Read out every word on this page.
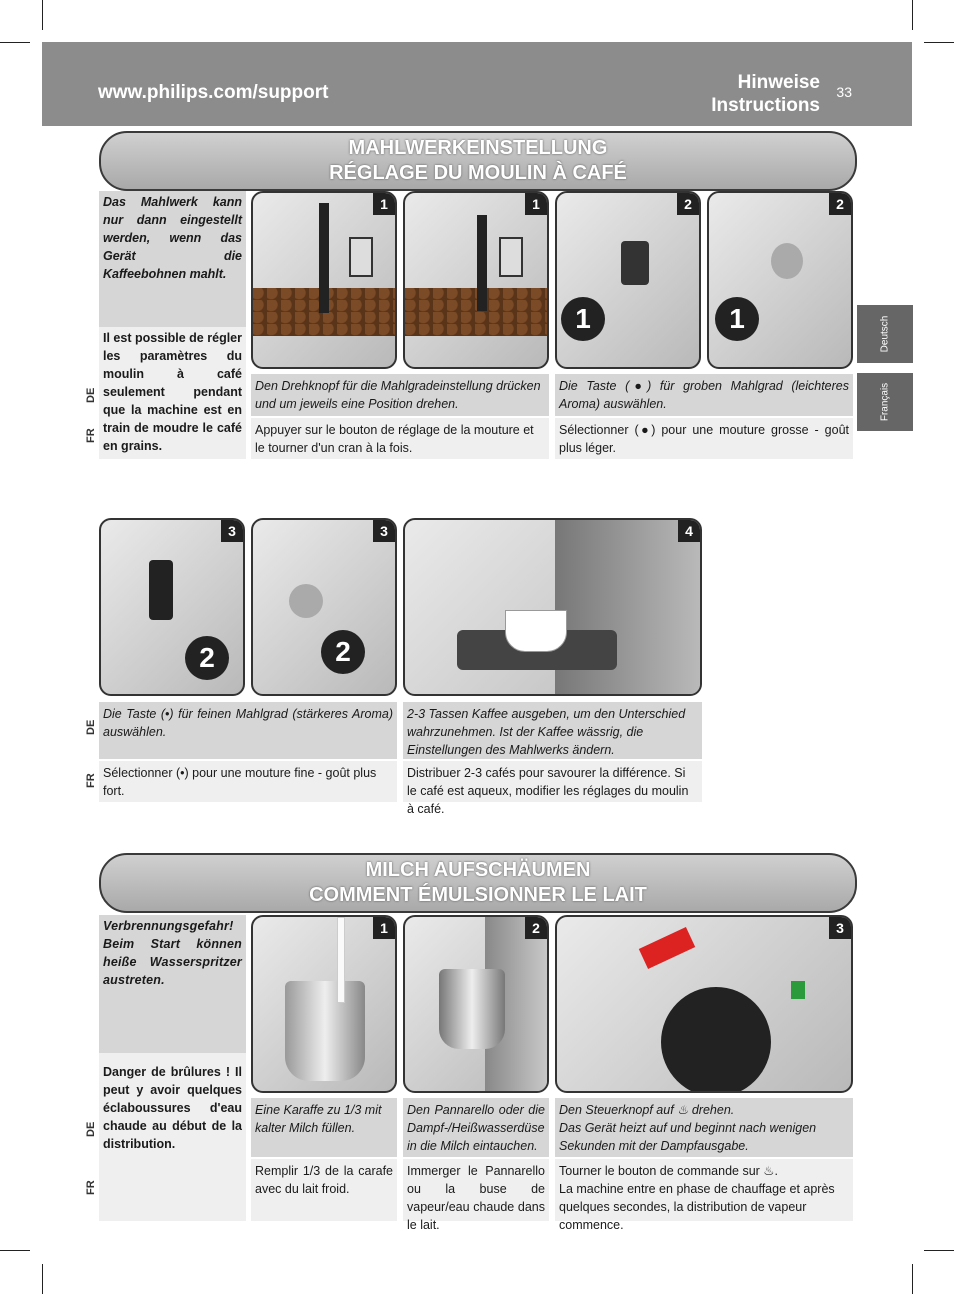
www.philips.com/support	Hinweise
Instructions
33
Deutsch
Français
MAHLWERKEINSTELLUNG
RÉGLAGE DU MOULIN À CAFÉ
Das Mahlwerk kann nur dann eingestellt werden, wenn das Gerät die Kaffeebohnen mahlt.
Il est possible de régler les paramètres du moulin à café seulement pendant que la machine est en train de moudre le café en grains.
DE
FR
1	1
1
2
1
2
Den Drehknopf für die Mahlgradeinstellung drücken und um jeweils eine Position drehen.
Appuyer sur le bouton de réglage de la mouture et le tourner d'un cran à la fois.
Die Taste (●) für groben Mahlgrad (leichteres Aroma) auswählen.
Sélectionner (●) pour une mouture grosse - goût plus léger.
2
3
2
3	4
DE
FR
Die Taste (•) für feinen Mahlgrad (stärkeres Aroma) auswählen.
Sélectionner (•) pour une mouture fine - goût plus fort.
2-3 Tassen Kaffee ausgeben, um den Unterschied wahrzunehmen. Ist der Kaffee wässrig, die Einstellungen des Mahlwerks ändern.
Distribuer 2-3 cafés pour savourer la différence. Si le café est aqueux, modifier les réglages du moulin à café.
MILCH AUFSCHÄUMEN
COMMENT ÉMULSIONNER LE LAIT
Verbrennungsgefahr! Beim Start können heiße Wasserspritzer austreten.
Danger de brûlures ! Il peut y avoir quelques éclaboussures d'eau chaude au début de la distribution.
DE
FR
1	2	3
Eine Karaffe zu 1/3 mit kalter Milch füllen.
Remplir 1/3 de la carafe avec du lait froid.
Den Pannarello oder die Dampf-/Heißwasserdüse in die Milch eintauchen.
Immerger le Pannarello ou la buse de vapeur/eau chaude dans le lait.
Den Steuerknopf auf ♨ drehen.
Das Gerät heizt auf und beginnt nach wenigen Sekunden mit der Dampfausgabe.
Tourner le bouton de commande sur ♨.
La machine entre en phase de chauffage et après quelques secondes, la distribution de vapeur commence.
